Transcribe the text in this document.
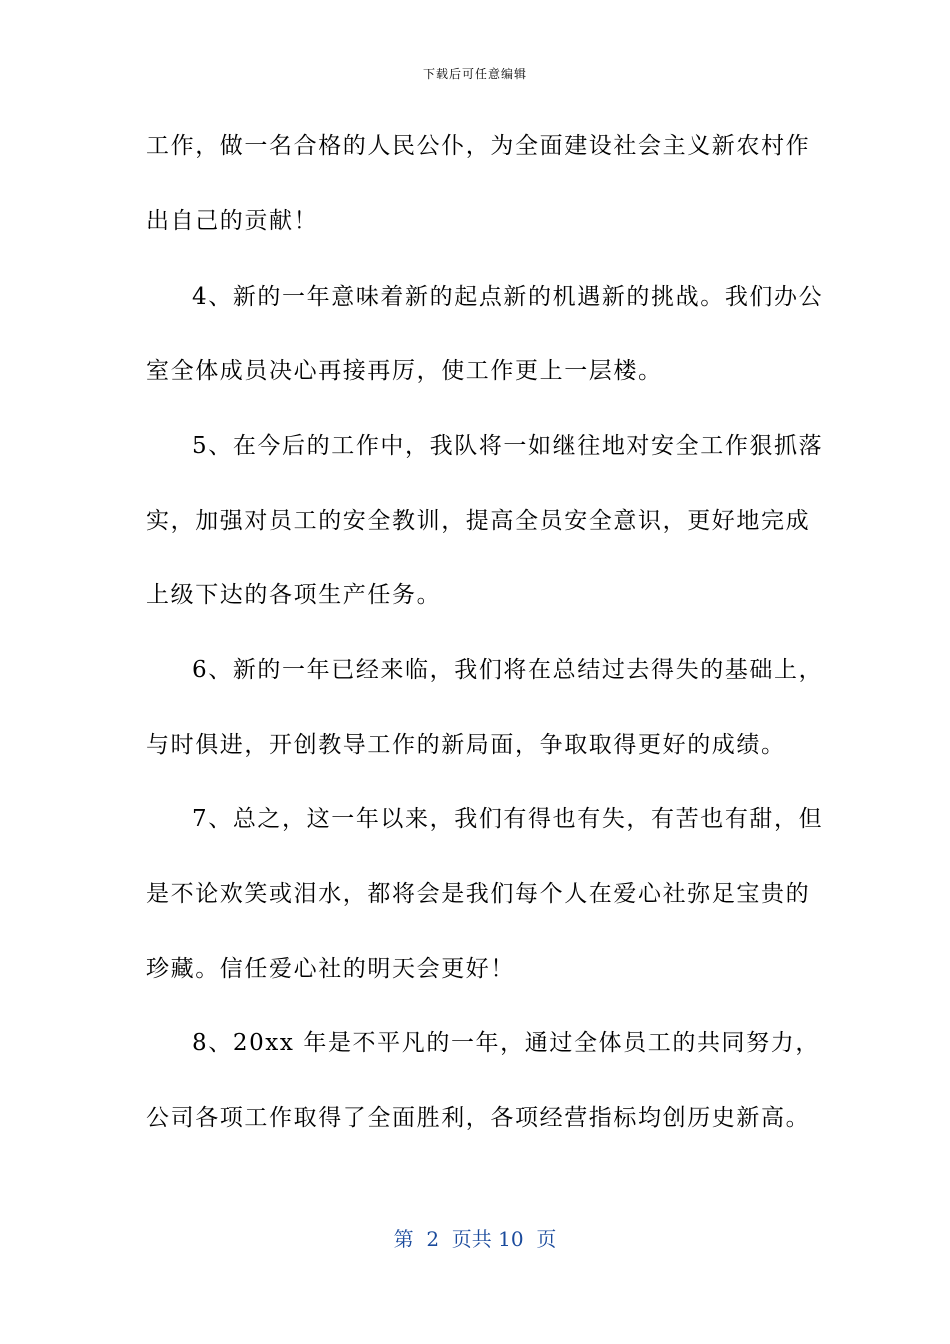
下载后可任意编辑
工作，做一名合格的人民公仆，为全面建设社会主义新农村作
出自己的贡献！
4、新的一年意味着新的起点新的机遇新的挑战。我们办公
室全体成员决心再接再厉，使工作更上一层楼。
5、在今后的工作中，我队将一如继往地对安全工作狠抓落
实，加强对员工的安全教训，提高全员安全意识，更好地完成
上级下达的各项生产任务。
6、新的一年已经来临，我们将在总结过去得失的基础上，
与时俱进，开创教导工作的新局面，争取取得更好的成绩。
7、总之，这一年以来，我们有得也有失，有苦也有甜，但
是不论欢笑或泪水，都将会是我们每个人在爱心社弥足宝贵的
珍藏。信任爱心社的明天会更好！
8、20xx 年是不平凡的一年，通过全体员工的共同努力，
公司各项工作取得了全面胜利，各项经营指标均创历史新高。
第  2  页共 10  页
